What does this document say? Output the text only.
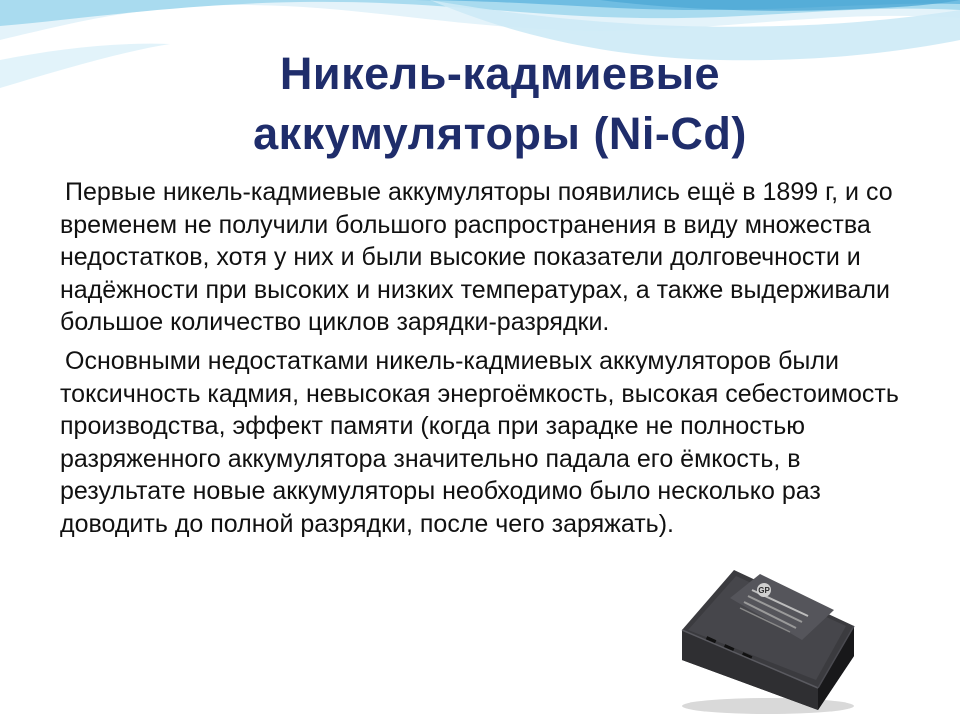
Никель-кадмиевые
аккумуляторы (Ni-Cd)

Первые никель-кадмиевые аккумуляторы появились ещё в 1899 г, и со временем не получили большого распространения в виду множества недостатков, хотя у них и были высокие показатели долговечности и надёжности при высоких и низких температурах, а также выдерживали большое количество циклов зарядки-разрядки.

Основными недостатками никель-кадмиевых аккумуляторов были токсичность кадмия, невысокая энергоёмкость, высокая себестоимость производства, эффект памяти (когда при зарадке не полностью разряженного аккумулятора значительно падала его ёмкость, в результате новые аккумуляторы необходимо было несколько раз доводить до полной разрядки, после чего заряжать).

GP
